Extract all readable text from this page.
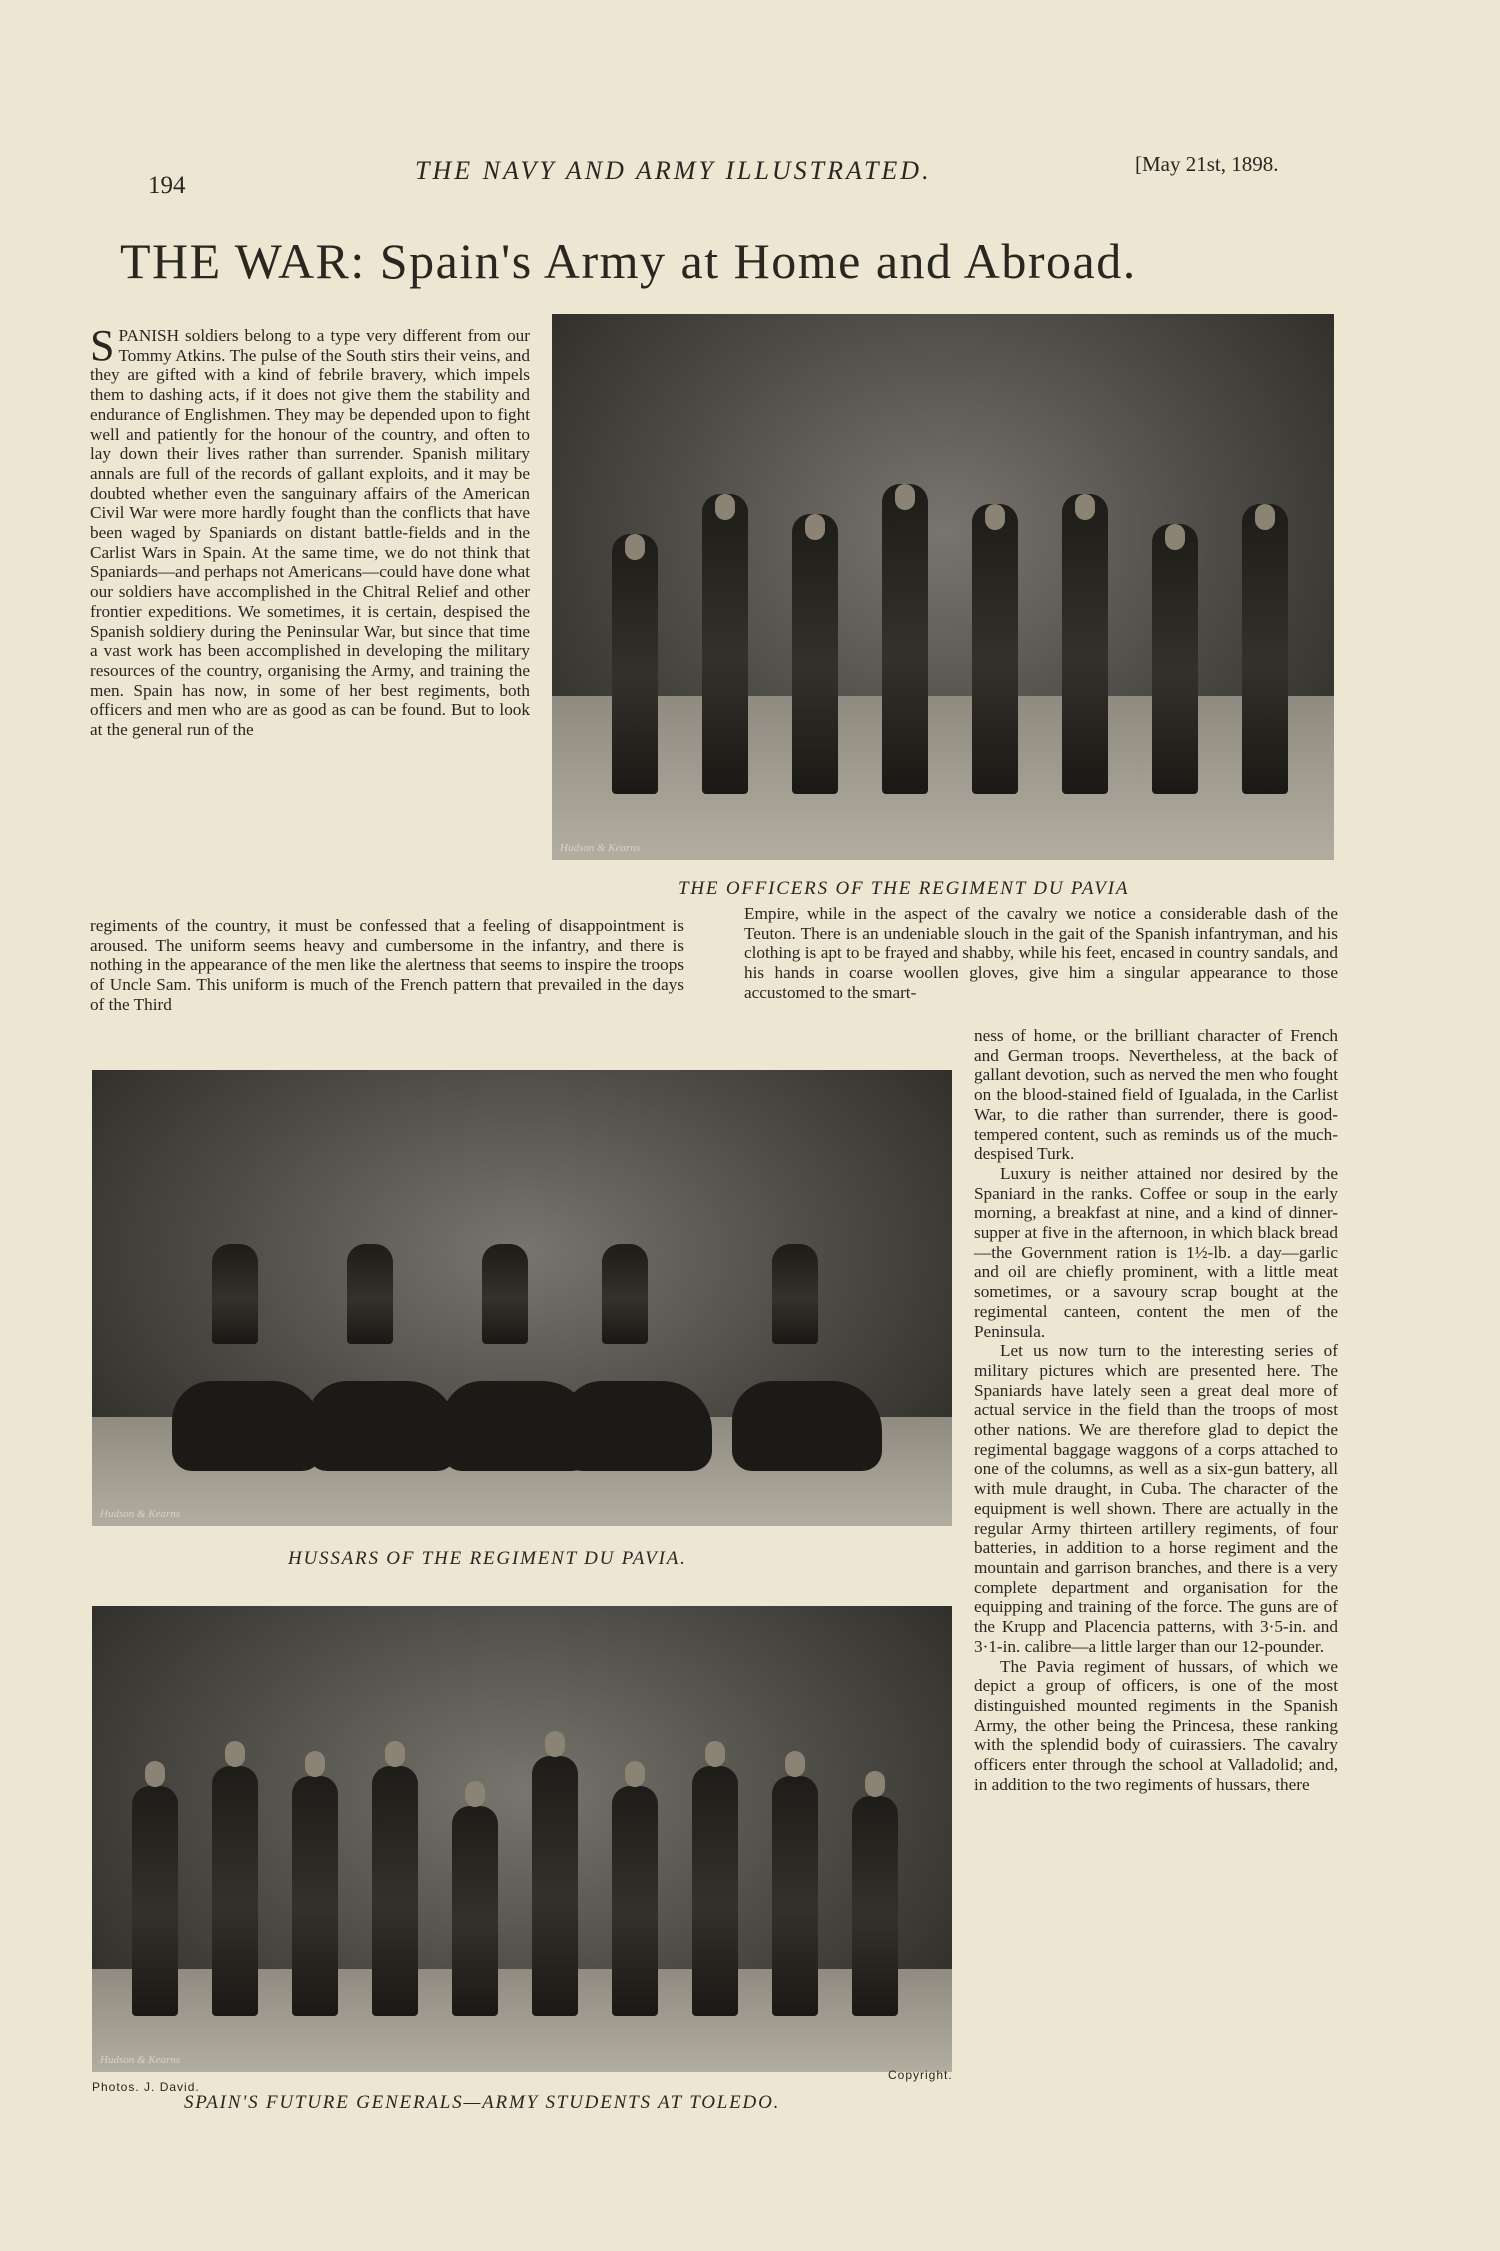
194
THE NAVY AND ARMY ILLUSTRATED.	[May 21st, 1898.
THE WAR: Spain's Army at Home and Abroad.

SPANISH soldiers belong to a type very different from our Tommy Atkins. The pulse of the South stirs their veins, and they are gifted with a kind of febrile bravery, which impels them to dashing acts, if it does not give them the stability and endurance of Englishmen. They may be depended upon to fight well and patiently for the honour of the country, and often to lay down their lives rather than surrender. Spanish military annals are full of the records of gallant exploits, and it may be doubted whether even the sanguinary affairs of the American Civil War were more hardly fought than the conflicts that have been waged by Spaniards on distant battle-fields and in the Carlist Wars in Spain. At the same time, we do not think that Spaniards—and perhaps not Americans—could have done what our soldiers have accomplished in the Chitral Relief and other frontier expeditions. We sometimes, it is certain, despised the Spanish soldiery during the Peninsular War, but since that time a vast work has been accomplished in developing the military resources of the country, organising the Army, and training the men. Spain has now, in some of her best regiments, both officers and men who are as good as can be found. But to look at the general run of the

Hudson & Kearns
THE OFFICERS OF THE REGIMENT DU PAVIA

regiments of the country, it must be confessed that a feeling of disappointment is aroused. The uniform seems heavy and cumbersome in the infantry, and there is nothing in the appearance of the men like the alertness that seems to inspire the troops of Uncle Sam. This uniform is much of the French pattern that prevailed in the days of the Third

Empire, while in the aspect of the cavalry we notice a considerable dash of the Teuton. There is an undeniable slouch in the gait of the Spanish infantryman, and his clothing is apt to be frayed and shabby, while his feet, encased in country sandals, and his hands in coarse woollen gloves, give him a singular appearance to those accustomed to the smart-

Hudson & Kearns
HUSSARS OF THE REGIMENT DU PAVIA.
Hudson & Kearns
Photos. J. David.
Copyright.
SPAIN'S FUTURE GENERALS—ARMY STUDENTS AT TOLEDO.

ness of home, or the brilliant character of French and German troops. Nevertheless, at the back of gallant devotion, such as nerved the men who fought on the blood-stained field of Igualada, in the Carlist War, to die rather than surrender, there is good-tempered content, such as reminds us of the much-despised Turk.

Luxury is neither attained nor desired by the Spaniard in the ranks. Coffee or soup in the early morning, a breakfast at nine, and a kind of dinner-supper at five in the afternoon, in which black bread—the Government ration is 1½-lb. a day—garlic and oil are chiefly prominent, with a little meat sometimes, or a savoury scrap bought at the regimental canteen, content the men of the Peninsula.

Let us now turn to the interesting series of military pictures which are presented here. The Spaniards have lately seen a great deal more of actual service in the field than the troops of most other nations. We are therefore glad to depict the regimental baggage waggons of a corps attached to one of the columns, as well as a six-gun battery, all with mule draught, in Cuba. The character of the equipment is well shown. There are actually in the regular Army thirteen artillery regiments, of four batteries, in addition to a horse regiment and the mountain and garrison branches, and there is a very complete department and organisation for the equipping and training of the force. The guns are of the Krupp and Placencia patterns, with 3·5-in. and 3·1-in. calibre—a little larger than our 12-pounder.

The Pavia regiment of hussars, of which we depict a group of officers, is one of the most distinguished mounted regiments in the Spanish Army, the other being the Princesa, these ranking with the splendid body of cuirassiers. The cavalry officers enter through the school at Valladolid; and, in addition to the two regiments of hussars, there
